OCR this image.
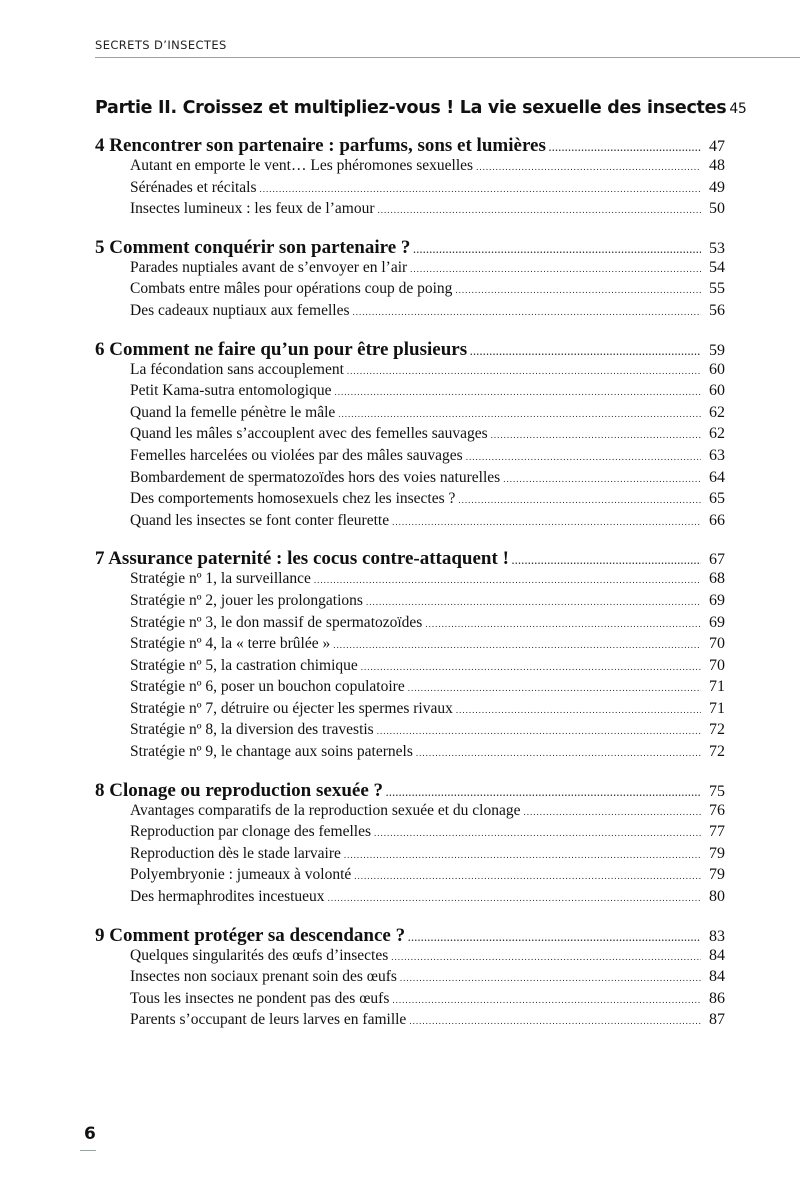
SECRETS D’INSECTES
Partie II. Croissez et multipliez-vous ! La vie sexuelle des insectes 45
4 Rencontrer son partenaire : parfums, sons et lumières .....	47
Autant en emporte le vent… Les phéromones sexuelles .....	48
Sérénades et récitals .....	49
Insectes lumineux : les feux de l’amour .....	50
5 Comment conquérir son partenaire ? .....	53
Parades nuptiales avant de s’envoyer en l’air .....	54
Combats entre mâles pour opérations coup de poing .....	55
Des cadeaux nuptiaux aux femelles .....	56
6 Comment ne faire qu’un pour être plusieurs .....	59
La fécondation sans accouplement .....	60
Petit Kama-sutra entomologique .....	60
Quand la femelle pénètre le mâle .....	62
Quand les mâles s’accouplent avec des femelles sauvages .....	62
Femelles harcelées ou violées par des mâles sauvages .....	63
Bombardement de spermatozoïdes hors des voies naturelles .....	64
Des comportements homosexuels chez les insectes ? .....	65
Quand les insectes se font conter fleurette .....	66
7 Assurance paternité : les cocus contre-attaquent ! .....	67
Stratégie nº 1, la surveillance .....	68
Stratégie nº 2, jouer les prolongations .....	69
Stratégie nº 3, le don massif de spermatozoïdes .....	69
Stratégie nº 4, la « terre brûlée » .....	70
Stratégie nº 5, la castration chimique .....	70
Stratégie nº 6, poser un bouchon copulatoire .....	71
Stratégie nº 7, détruire ou éjecter les spermes rivaux .....	71
Stratégie nº 8, la diversion des travestis .....	72
Stratégie nº 9, le chantage aux soins paternels .....	72
8 Clonage ou reproduction sexuée ? .....	75
Avantages comparatifs de la reproduction sexuée et du clonage .....	76
Reproduction par clonage des femelles .....	77
Reproduction dès le stade larvaire .....	79
Polyembryonie : jumeaux à volonté .....	79
Des hermaphrodites incestueux .....	80
9 Comment protéger sa descendance ? .....	83
Quelques singularités des œufs d’insectes .....	84
Insectes non sociaux prenant soin des œufs .....	84
Tous les insectes ne pondent pas des œufs .....	86
Parents s’occupant de leurs larves en famille .....	87
6
